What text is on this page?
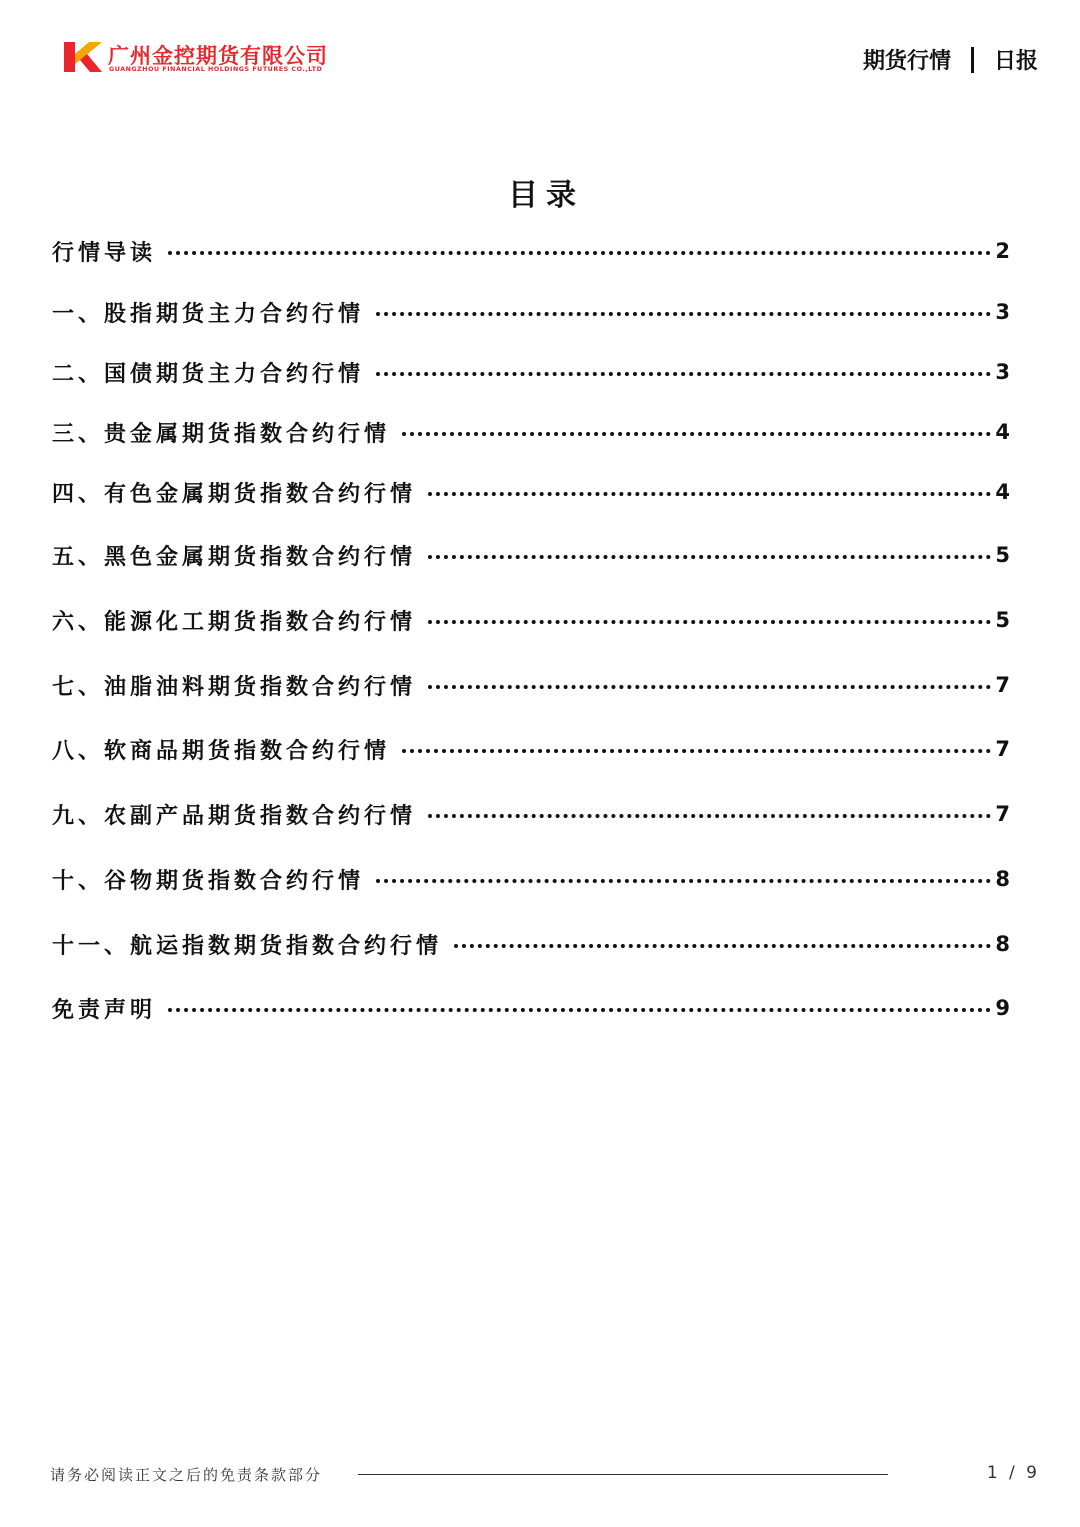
广州金控期货有限公司
GUANGZHOU FINANCIAL HOLDINGS FUTURES CO.,LTD	期货行情 日报
目录
行情导读	2
一、股指期货主力合约行情	3
二、国债期货主力合约行情	3
三、贵金属期货指数合约行情	4
四、有色金属期货指数合约行情	4
五、黑色金属期货指数合约行情	5
六、能源化工期货指数合约行情	5
七、油脂油料期货指数合约行情	7
八、软商品期货指数合约行情	7
九、农副产品期货指数合约行情	7
十、谷物期货指数合约行情	8
十一、航运指数期货指数合约行情	8
免责声明	9
请务必阅读正文之后的免责条款部分	1 / 9
